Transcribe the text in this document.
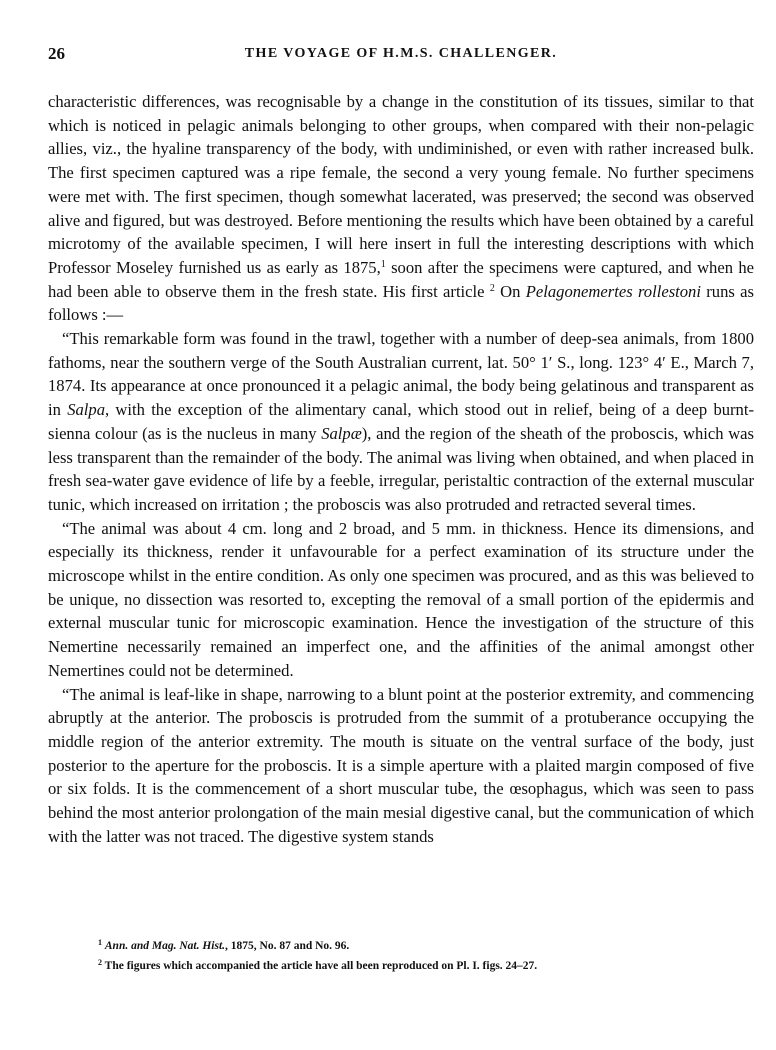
26	THE VOYAGE OF H.M.S. CHALLENGER.

characteristic differences, was recognisable by a change in the constitution of its tissues, similar to that which is noticed in pelagic animals belonging to other groups, when compared with their non-pelagic allies, viz., the hyaline transparency of the body, with undiminished, or even with rather increased bulk. The first specimen captured was a ripe female, the second a very young female. No further specimens were met with. The first specimen, though somewhat lacerated, was preserved; the second was observed alive and figured, but was destroyed. Before mentioning the results which have been obtained by a careful microtomy of the available specimen, I will here insert in full the interesting descriptions with which Professor Moseley furnished us as early as 1875,$^1$ soon after the specimens were captured, and when he had been able to observe them in the fresh state. His first article $^2$ On Pelagonemertes rollestoni runs as follows :—

“This remarkable form was found in the trawl, together with a number of deep-sea animals, from 1800 fathoms, near the southern verge of the South Australian current, lat. 50° 1′ S., long. 123° 4′ E., March 7, 1874. Its appearance at once pronounced it a pelagic animal, the body being gelatinous and transparent as in Salpa, with the exception of the alimentary canal, which stood out in relief, being of a deep burnt-sienna colour (as is the nucleus in many Salpæ), and the region of the sheath of the proboscis, which was less transparent than the remainder of the body. The animal was living when obtained, and when placed in fresh sea-water gave evidence of life by a feeble, irregular, peristaltic contraction of the external muscular tunic, which increased on irritation ; the proboscis was also protruded and retracted several times.

“The animal was about 4 cm. long and 2 broad, and 5 mm. in thickness. Hence its dimensions, and especially its thickness, render it unfavourable for a perfect examination of its structure under the microscope whilst in the entire condition. As only one specimen was procured, and as this was believed to be unique, no dissection was resorted to, excepting the removal of a small portion of the epidermis and external muscular tunic for microscopic examination. Hence the investigation of the structure of this Nemertine necessarily remained an imperfect one, and the affinities of the animal amongst other Nemertines could not be determined.

“The animal is leaf-like in shape, narrowing to a blunt point at the posterior extremity, and commencing abruptly at the anterior. The proboscis is protruded from the summit of a protuberance occupying the middle region of the anterior extremity. The mouth is situate on the ventral surface of the body, just posterior to the aperture for the proboscis. It is a simple aperture with a plaited margin composed of five or six folds. It is the commencement of a short muscular tube, the œsophagus, which was seen to pass behind the most anterior prolongation of the main mesial digestive canal, but the communication of which with the latter was not traced. The digestive system stands

$^1$ Ann. and Mag. Nat. Hist., 1875, No. 87 and No. 96.
$^2$ The figures which accompanied the article have all been reproduced on Pl. I. figs. 24–27.
